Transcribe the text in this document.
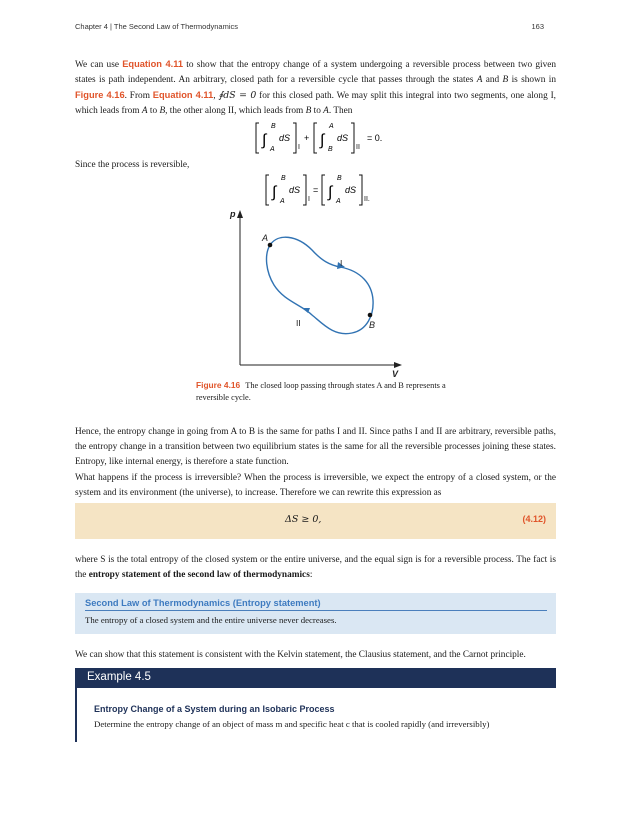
Chapter 4 | The Second Law of Thermodynamics	163

We can use Equation 4.11 to show that the entropy change of a system undergoing a reversible process between two given states is path independent. An arbitrary, closed path for a reversible cycle that passes through the states A and B is shown in Figure 4.16. From Equation 4.11, ∮dS = 0 for this closed path. We may split this integral into two segments, one along I, which leads from A to B, the other along II, which leads from B to A. Then

∫
B
A
dS
I
+ ∫
A
B
dS
II
= 0.

Since the process is reversible,

∫
B
A
dS
I
= ∫
B
A
dS
II.
p
V
A
B
I
II
Figure 4.16 The closed loop passing through states A and B represents a reversible cycle.

Hence, the entropy change in going from A to B is the same for paths I and II. Since paths I and II are arbitrary, reversible paths, the entropy change in a transition between two equilibrium states is the same for all the reversible processes joining these states. Entropy, like internal energy, is therefore a state function.

What happens if the process is irreversible? When the process is irreversible, we expect the entropy of a closed system, or the system and its environment (the universe), to increase. Therefore we can rewrite this expression as

ΔS ≥ 0,	(4.12)

where S is the total entropy of the closed system or the entire universe, and the equal sign is for a reversible process. The fact is the entropy statement of the second law of thermodynamics:

Second Law of Thermodynamics (Entropy statement)
The entropy of a closed system and the entire universe never decreases.

We can show that this statement is consistent with the Kelvin statement, the Clausius statement, and the Carnot principle.

Example 4.5
Entropy Change of a System during an Isobaric Process
Determine the entropy change of an object of mass m and specific heat c that is cooled rapidly (and irreversibly)
